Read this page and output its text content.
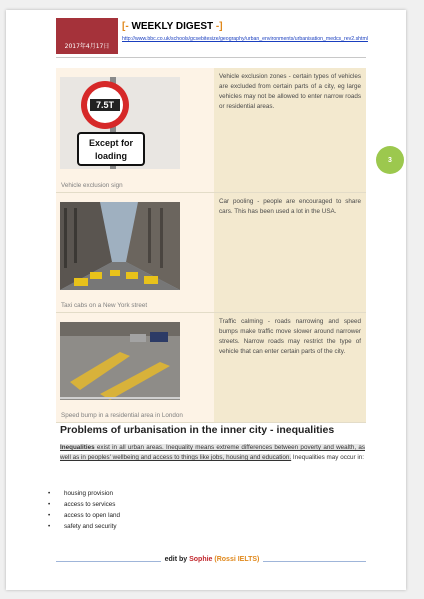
2017年4月17日
[- WEEKLY DIGEST -]
http://www.bbc.co.uk/schools/gcsebitesize/geography/urban_environments/urbanisation_medcs_rev2.shtml
3
7.5T
Except for
loading
Vehicle exclusion sign	Vehicle exclusion zones - certain types of vehicles are excluded from certain parts of a city, eg large vehicles may not be allowed to enter narrow roads or residential areas.

Taxi cabs on a New York street	Car pooling - people are encouraged to share cars. This has been used a lot in the USA.

Speed bump in a residential area in London	Traffic calming - roads narrowing and speed bumps make traffic move slower around narrower streets. Narrow roads may restrict the type of vehicle that can enter certain parts of the city.
Problems of urbanisation in the inner city - inequalities
Inequalities exist in all urban areas. Inequality means extreme differences between poverty and wealth, as well as in peoples' wellbeing and access to things like jobs, housing and education. Inequalities may occur in:
• housing provision
• access to services
• access to open land
• safety and security
edit by Sophie (Rossi IELTS)
